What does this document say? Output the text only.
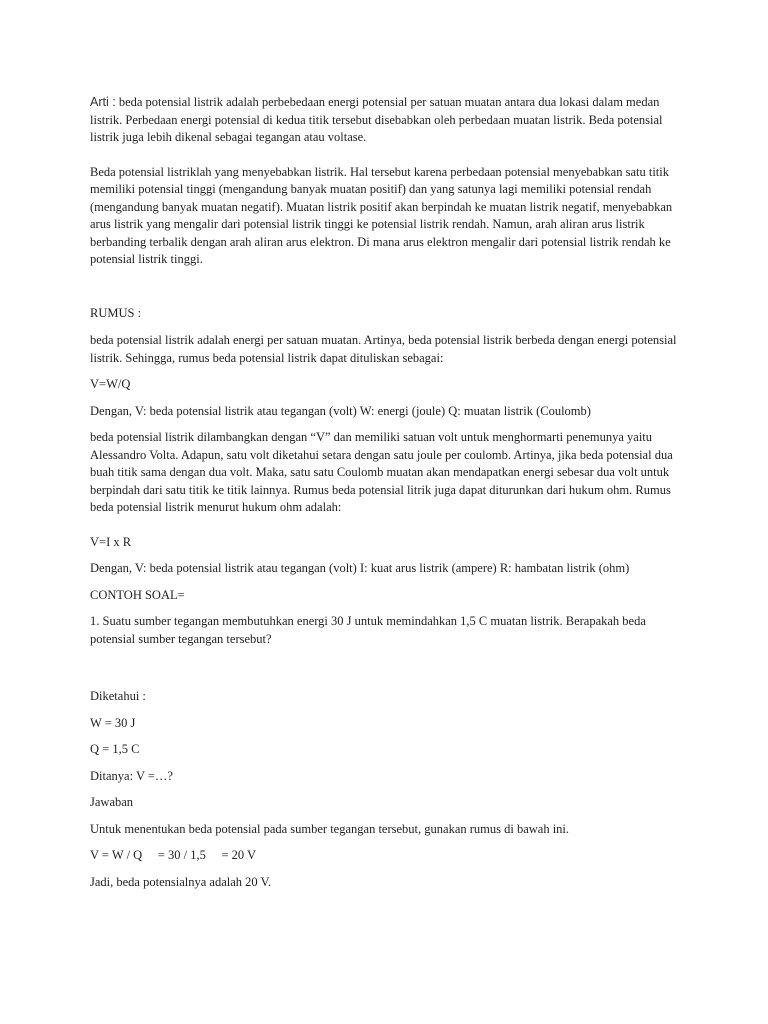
Arti : beda potensial listrik adalah perbebedaan energi potensial per satuan muatan antara dua lokasi dalam medan listrik. Perbedaan energi potensial di kedua titik tersebut disebabkan oleh perbedaan muatan listrik. Beda potensial listrik juga lebih dikenal sebagai tegangan atau voltase.

Beda potensial listriklah yang menyebabkan listrik. Hal tersebut karena perbedaan potensial menyebabkan satu titik memiliki potensial tinggi (mengandung banyak muatan positif) dan yang satunya lagi memiliki potensial rendah (mengandung banyak muatan negatif). Muatan listrik positif akan berpindah ke muatan listrik negatif, menyebabkan arus listrik yang mengalir dari potensial listrik tinggi ke potensial listrik rendah. Namun, arah aliran arus listrik berbanding terbalik dengan arah aliran arus elektron. Di mana arus elektron mengalir dari potensial listrik rendah ke potensial listrik tinggi.

RUMUS :

beda potensial listrik adalah energi per satuan muatan. Artinya, beda potensial listrik berbeda dengan energi potensial listrik. Sehingga, rumus beda potensial listrik dapat dituliskan sebagai:

V=W/Q

Dengan, V: beda potensial listrik atau tegangan (volt) W: energi (joule) Q: muatan listrik (Coulomb)

beda potensial listrik dilambangkan dengan “V” dan memiliki satuan volt untuk menghormarti penemunya yaitu Alessandro Volta. Adapun, satu volt diketahui setara dengan satu joule per coulomb. Artinya, jika beda potensial dua buah titik sama dengan dua volt. Maka, satu satu Coulomb muatan akan mendapatkan energi sebesar dua volt untuk berpindah dari satu titik ke titik lainnya. Rumus beda potensial litrik juga dapat diturunkan dari hukum ohm. Rumus beda potensial listrik menurut hukum ohm adalah:

V=I x R

Dengan, V: beda potensial listrik atau tegangan (volt) I: kuat arus listrik (ampere) R: hambatan listrik (ohm)

CONTOH SOAL=

1. Suatu sumber tegangan membutuhkan energi 30 J untuk memindahkan 1,5 C muatan listrik. Berapakah beda potensial sumber tegangan tersebut?

Diketahui :

W = 30 J

Q = 1,5 C

Ditanya: V =…?

Jawaban

Untuk menentukan beda potensial pada sumber tegangan tersebut, gunakan rumus di bawah ini.

V = W / Q     = 30 / 1,5     = 20 V

Jadi, beda potensialnya adalah 20 V.
